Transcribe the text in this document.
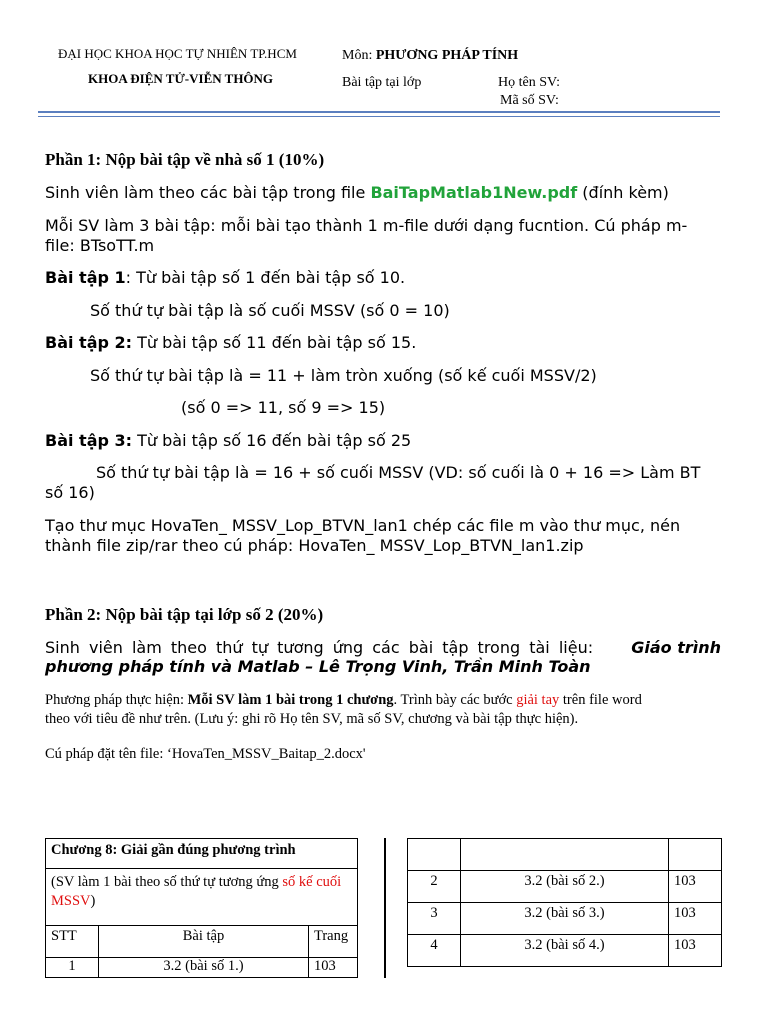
ĐẠI HỌC KHOA HỌC TỰ NHIÊN TP.HCM
KHOA ĐIỆN TỬ-VIỄN THÔNG
Môn: PHƯƠNG PHÁP TÍNH
Bài tập tại lớp	Họ tên SV:
Mã số SV:
Phần 1: Nộp bài tập về nhà số 1 (10%)
Sinh viên làm theo các bài tập trong file BaiTapMatlab1New.pdf (đính kèm)
Mỗi SV làm 3 bài tập: mỗi bài tạo thành 1 m-file dưới dạng fucntion. Cú pháp m-
file: BTsoTT.m
Bài tập 1: Từ bài tập số 1 đến bài tập số 10.
Số thứ tự bài tập là số cuối MSSV (số 0 = 10)
Bài tập 2: Từ bài tập số 11 đến bài tập số 15.
Số thứ tự bài tập là = 11 + làm tròn xuống (số kế cuối MSSV/2)
(số 0 => 11, số 9 => 15)
Bài tập 3: Từ bài tập số 16 đến bài tập số 25
Số thứ tự bài tập là = 16 + số cuối MSSV (VD: số cuối là 0 + 16 => Làm BT
số 16)
Tạo thư mục HovaTen_ MSSV_Lop_BTVN_lan1 chép các file m vào thư mục, nén
thành file zip/rar theo cú pháp: HovaTen_ MSSV_Lop_BTVN_lan1.zip
Phần 2: Nộp bài tập tại lớp số 2 (20%)
Sinh viên làm theo thứ tự tương ứng các bài tập trong tài liệu: Giáo trình
phương pháp tính và Matlab – Lê Trọng Vinh, Trần Minh Toàn
Phương pháp thực hiện: Mỗi SV làm 1 bài trong 1 chương. Trình bày các bước giải tay trên file word
theo với tiêu đề như trên. (Lưu ý: ghi rõ Họ tên SV, mã số SV, chương và bài tập thực hiện).
Cú pháp đặt tên file: ‘HovaTen_MSSV_Baitap_2.docx'
Chương 8: Giải gần đúng phương trình		
(SV làm 1 bài theo số thứ tự tương ứng số kế cuối MSSV)		
STT	Bài tập	Trang
1	3.2 (bài số 1.)	103

2	3.2 (bài số 2.)	103
3	3.2 (bài số 3.)	103
4	3.2 (bài số 4.)	103
